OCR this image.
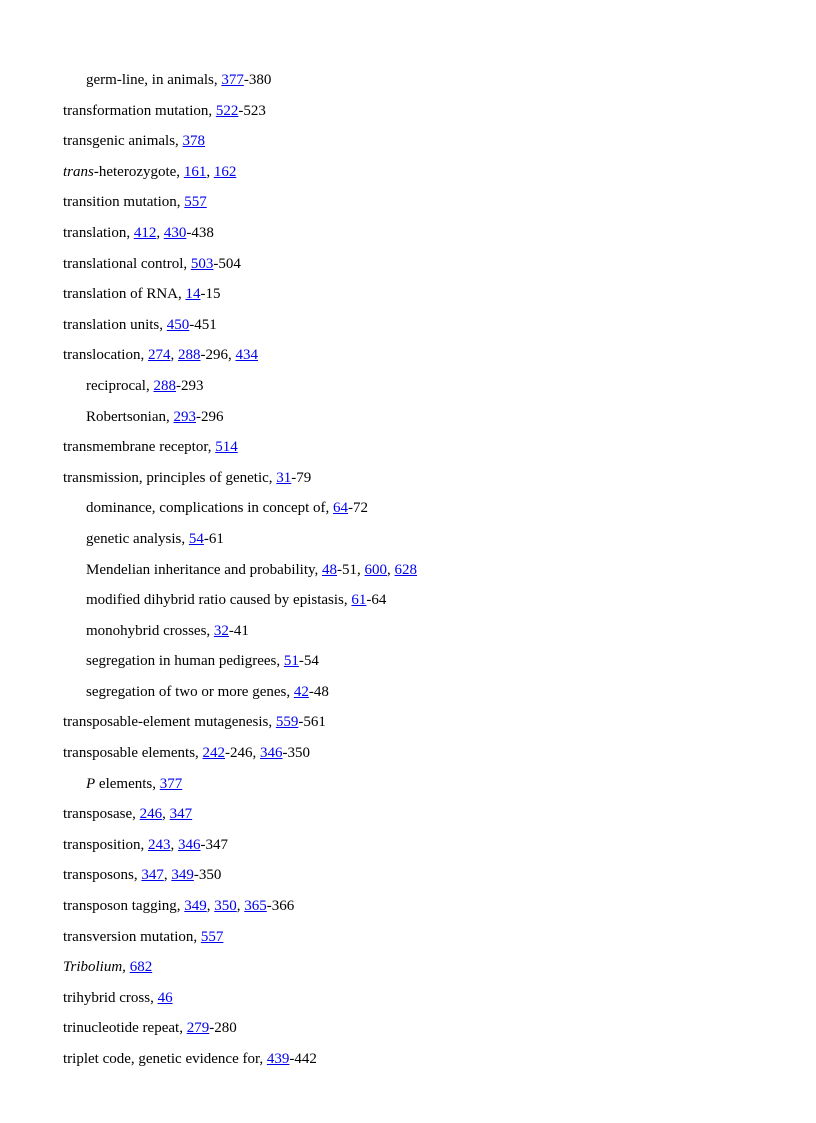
germ-line, in animals, 377-380
transformation mutation, 522-523
transgenic animals, 378
trans-heterozygote, 161, 162
transition mutation, 557
translation, 412, 430-438
translational control, 503-504
translation of RNA, 14-15
translation units, 450-451
translocation, 274, 288-296, 434
reciprocal, 288-293
Robertsonian, 293-296
transmembrane receptor, 514
transmission, principles of genetic, 31-79
dominance, complications in concept of, 64-72
genetic analysis, 54-61
Mendelian inheritance and probability, 48-51, 600, 628
modified dihybrid ratio caused by epistasis, 61-64
monohybrid crosses, 32-41
segregation in human pedigrees, 51-54
segregation of two or more genes, 42-48
transposable-element mutagenesis, 559-561
transposable elements, 242-246, 346-350
P elements, 377
transposase, 246, 347
transposition, 243, 346-347
transposons, 347, 349-350
transposon tagging, 349, 350, 365-366
transversion mutation, 557
Tribolium, 682
trihybrid cross, 46
trinucleotide repeat, 279-280
triplet code, genetic evidence for, 439-442
